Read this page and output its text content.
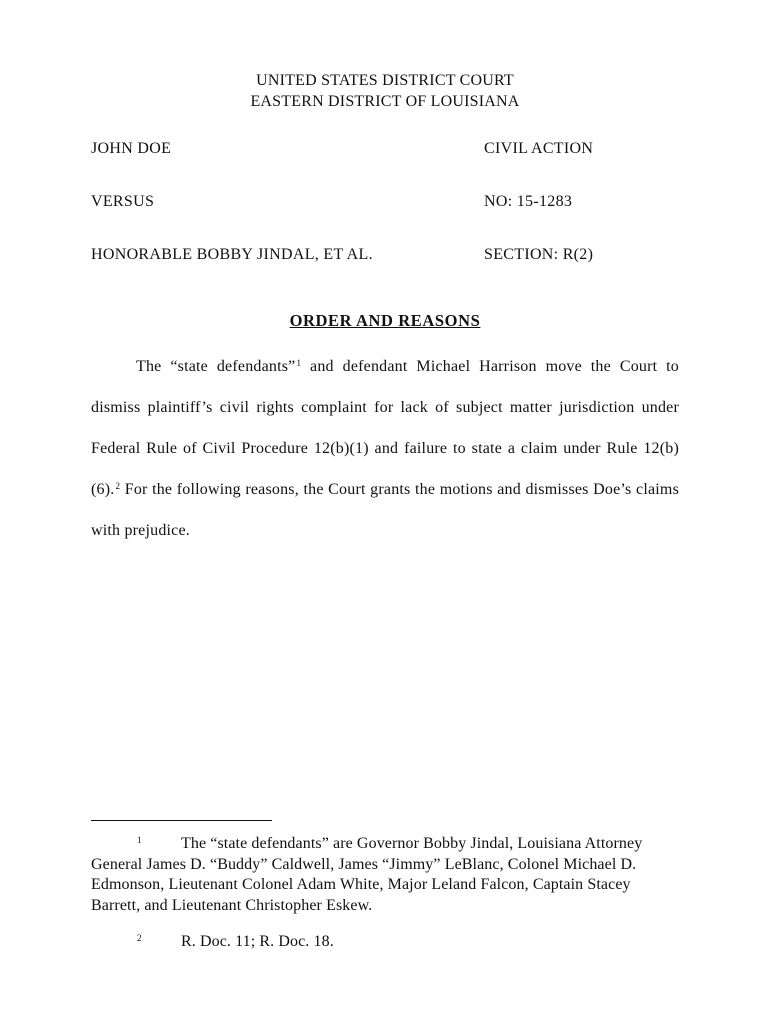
UNITED STATES DISTRICT COURT
EASTERN DISTRICT OF LOUISIANA
JOHN DOE	CIVIL ACTION
VERSUS	NO: 15-1283
HONORABLE BOBBY JINDAL, ET AL.	SECTION: R(2)
ORDER AND REASONS

The “state defendants”$^1$ and defendant Michael Harrison move the Court to dismiss plaintiff’s civil rights complaint for lack of subject matter jurisdiction under Federal Rule of Civil Procedure 12(b)(1) and failure to state a claim under Rule 12(b)(6).$^2$ For the following reasons, the Court grants the motions and dismisses Doe’s claims with prejudice.

1 The “state defendants” are Governor Bobby Jindal, Louisiana Attorney General James D. “Buddy” Caldwell, James “Jimmy” LeBlanc, Colonel Michael D. Edmonson, Lieutenant Colonel Adam White, Major Leland Falcon, Captain Stacey Barrett, and Lieutenant Christopher Eskew.
2 R. Doc. 11; R. Doc. 18.
